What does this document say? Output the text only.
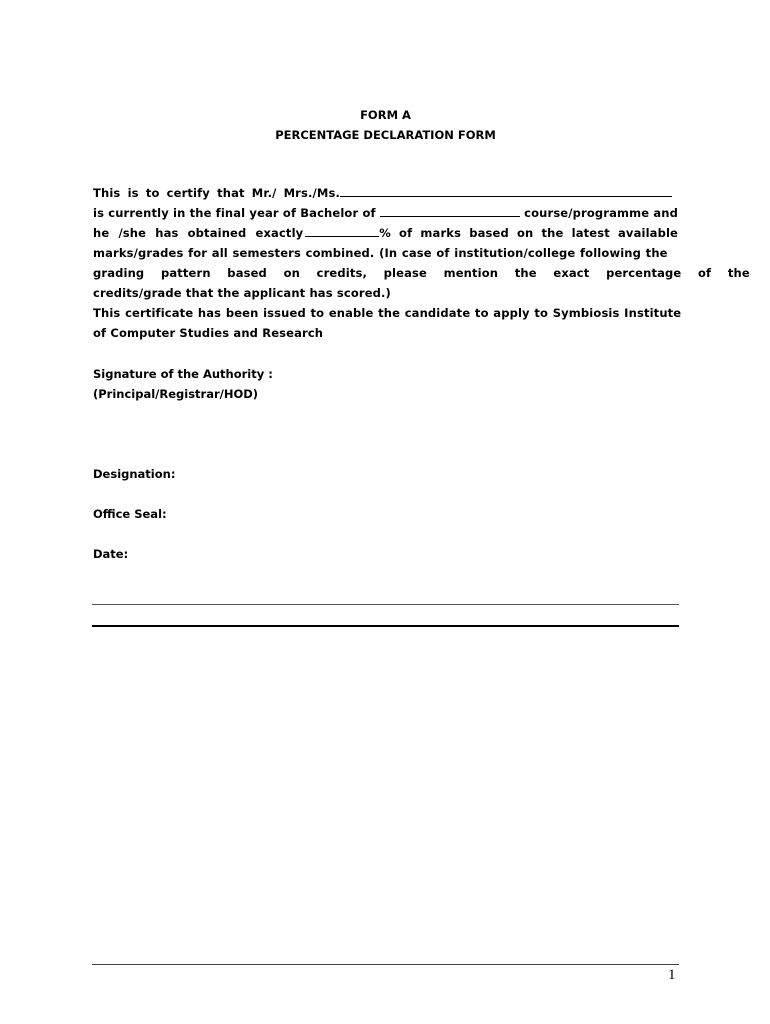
FORM A
PERCENTAGE DECLARATION FORM
This is to certify that Mr./ Mrs./Ms.
is currently in the final year of Bachelor of	course/programme and
he /she has obtained exactly	% of marks based on the latest available
marks/grades for all semesters combined. (In case of institution/college following the
grading pattern based on credits, please mention the exact percentage of the
credits/grade that the applicant has scored.)
This certificate has been issued to enable the candidate to apply to Symbiosis Institute
of Computer Studies and Research
Signature of the Authority :
(Principal/Registrar/HOD)
Designation:
Office Seal:
Date:
1
